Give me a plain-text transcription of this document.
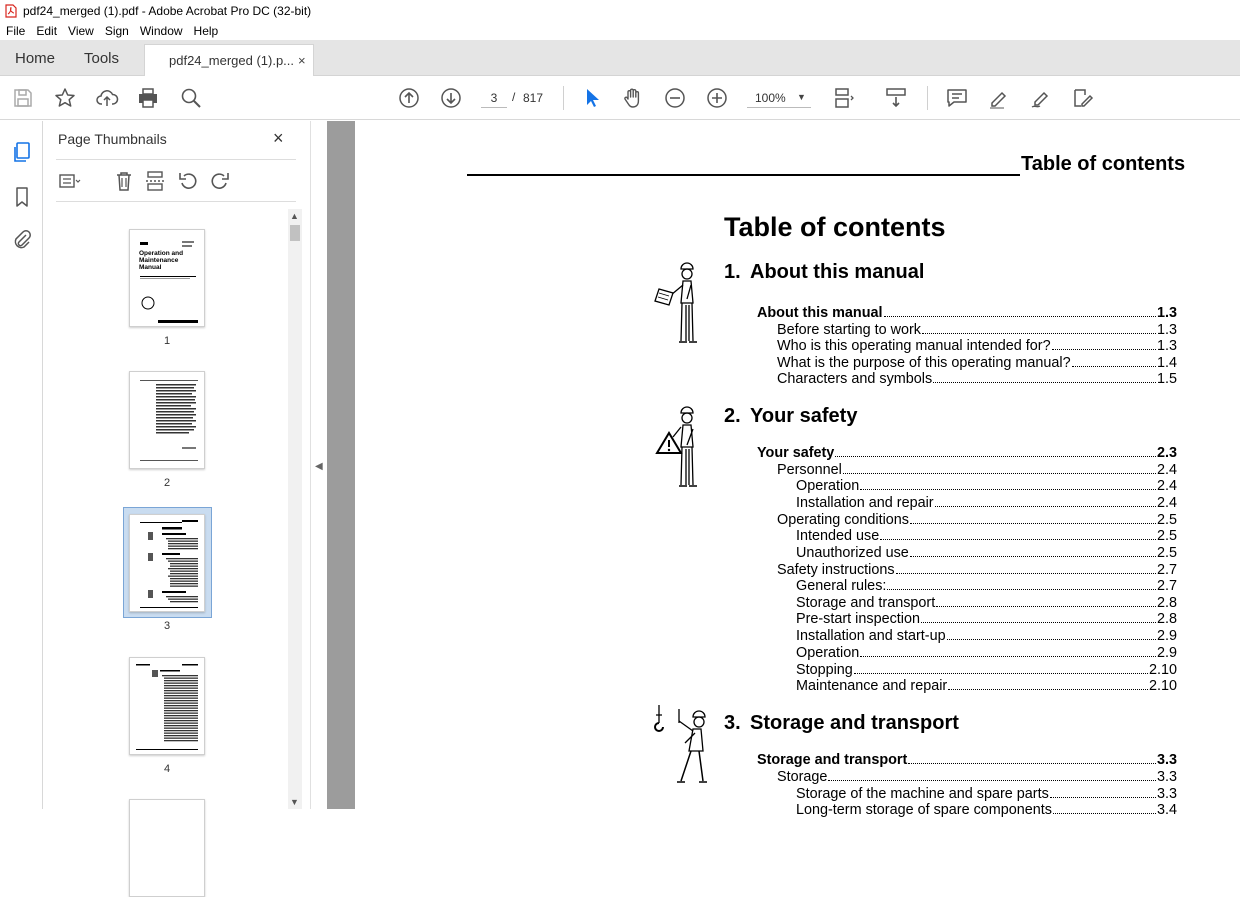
pdf24_merged (1).pdf - Adobe Acrobat Pro DC (32-bit)
File Edit View Sign Window Help
Home Tools	pdf24_merged (1).p... ×
3
/ 817	100% ▼
Page Thumbnails	×
Operation and Maintenance Manual
1
2
3
4
▲
▼
◀
Table of contents
Table of contents
1. About this manual
About this manual	1.3
Before starting to work	1.3
Who is this operating manual intended for?	1.3
What is the purpose of this operating manual?	1.4
Characters and symbols	1.5
2. Your safety
Your safety	2.3
Personnel	2.4
Operation	2.4
Installation and repair	2.4
Operating conditions	2.5
Intended use	2.5
Unauthorized use	2.5
Safety instructions	2.7
General rules:	2.7
Storage and transport	2.8
Pre-start inspection	2.8
Installation and start-up	2.9
Operation	2.9
Stopping	2.10
Maintenance and repair	2.10
3. Storage and transport
Storage and transport	3.3
Storage	3.3
Storage of the machine and spare parts	3.3
Long-term storage of spare components	3.4
